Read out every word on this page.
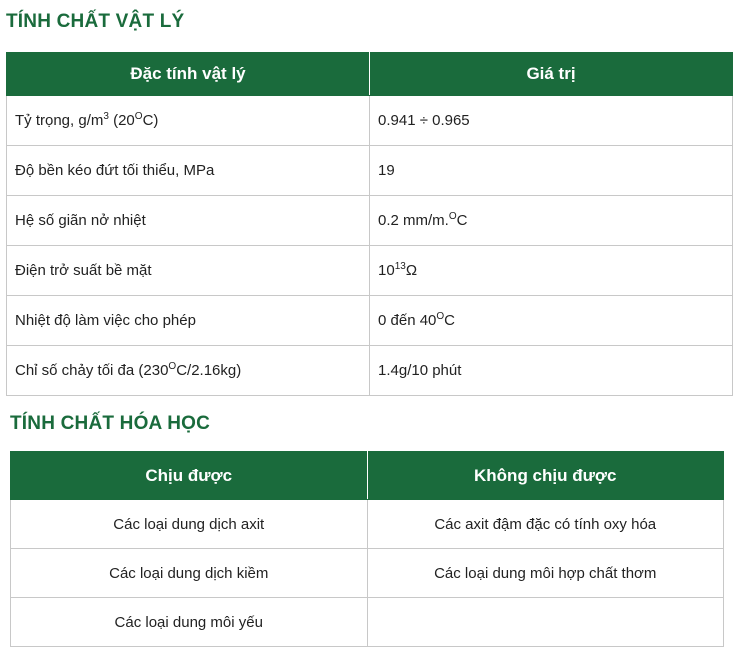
TÍNH CHẤT VẬT LÝ
Đặc tính vật lý	Giá trị
Tỷ trọng, $g/m^3$ $(20^OC)$	0.941 ÷ 0.965
Độ bền kéo đứt tối thiểu, MPa	19
Hệ số giãn nở nhiệt	0.2 mm/m.$^O$C
Điện trở suất bề mặt	$10^{13}\Omega$
Nhiệt độ làm việc cho phép	0 đến $40^OC$
Chỉ số chảy tối đa $(230^OC/2.16kg)$	1.4g/10 phút
TÍNH CHẤT HÓA HỌC
Chịu được	Không chịu được
Các loại dung dịch axit	Các axit đậm đặc có tính oxy hóa
Các loại dung dịch kiềm	Các loại dung môi hợp chất thơm
Các loại dung môi yếu	
